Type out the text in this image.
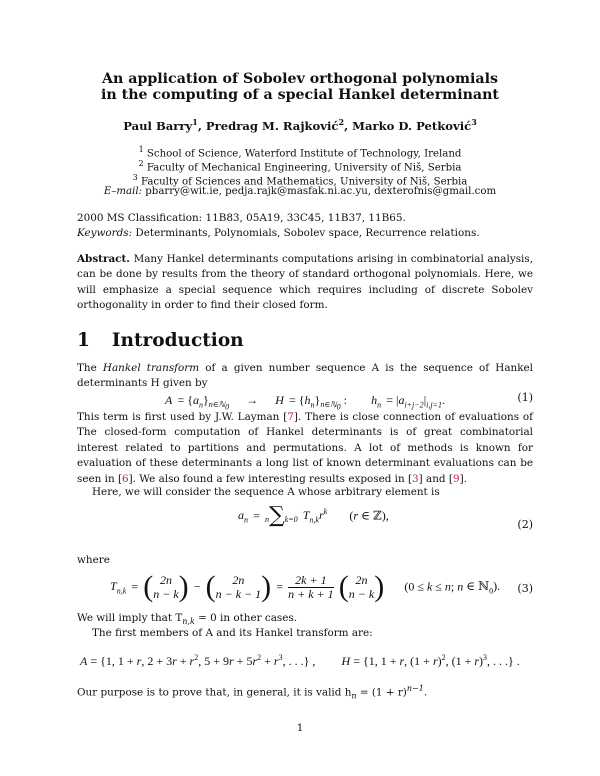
An application of Sobolev orthogonal polynomials
in the computing of a special Hankel determinant
Paul Barry$^1$, Predrag M. Rajković$^2$, Marko D. Petković$^3$
$^1$ School of Science, Waterford Institute of Technology, Ireland
$^2$ Faculty of Mechanical Engineering, University of Niš, Serbia
$^3$ Faculty of Sciences and Mathematics, University of Niš, Serbia
E–mail: pbarry@wit.ie, pedja.rajk@masfak.ni.ac.yu, dexterofnis@gmail.com
2000 MS Classification: 11B83, 05A19, 33C45, 11B37, 11B65.
Keywords: Determinants, Polynomials, Sobolev space, Recurrence relations.
Abstract. Many Hankel determinants computations arising in combinatorial analysis, can be done by results from the theory of standard orthogonal polynomials. Here, we will emphasize a special sequence which requires including of discrete Sobolev orthogonality in order to find their closed form.
1 Introduction
The Hankel transform of a given number sequence A is the sequence of Hankel determinants H given by
$A = \{a_n\}_{n\in ℕ_0} \to H = \{h_n\}_{n\in ℕ_0}$ : $h_n = |a_{i+j-2}|_{i,j=1}$.	(1)
This term is first used by J.W. Layman [7]. There is close connection of evaluations of The closed-form computation of Hankel determinants is of great combinatorial interest related to partitions and permutations. A lot of methods is known for evaluation of these determinants a long list of known determinant evaluations can be seen in [6]. We also found a few interesting results exposed in [3] and [9].
Here, we will consider the sequence A whose arbitrary element is
$a_n = n\sum k=0$ $T_{n,k}r^k$ (r ∈ ℤ),
(2)
where
$T_{n,k}$ = ( 2n
n − k ) − (	2n
n − k − 1 ) = $\frac{2k + 1}{n + k + 1}$ ( 2n
n − k ) (0 ≤ k ≤ n; n ∈ ℕ$_0$).	(3)
We will imply that $T_{n,k} = 0$ in other cases.
The first members of A and its Hankel transform are:
A = {1, 1 + r, $2 + 3r + r^2$, $5 + 9r + 5r^2 + r^3$, . . .} , H = {1, 1 + r, $(1 + r)^2$, $(1 + r)^3$, . . .} .
Our purpose is to prove that, in general, it is valid $h_n = (1 + r)^{n-1}$.
1
